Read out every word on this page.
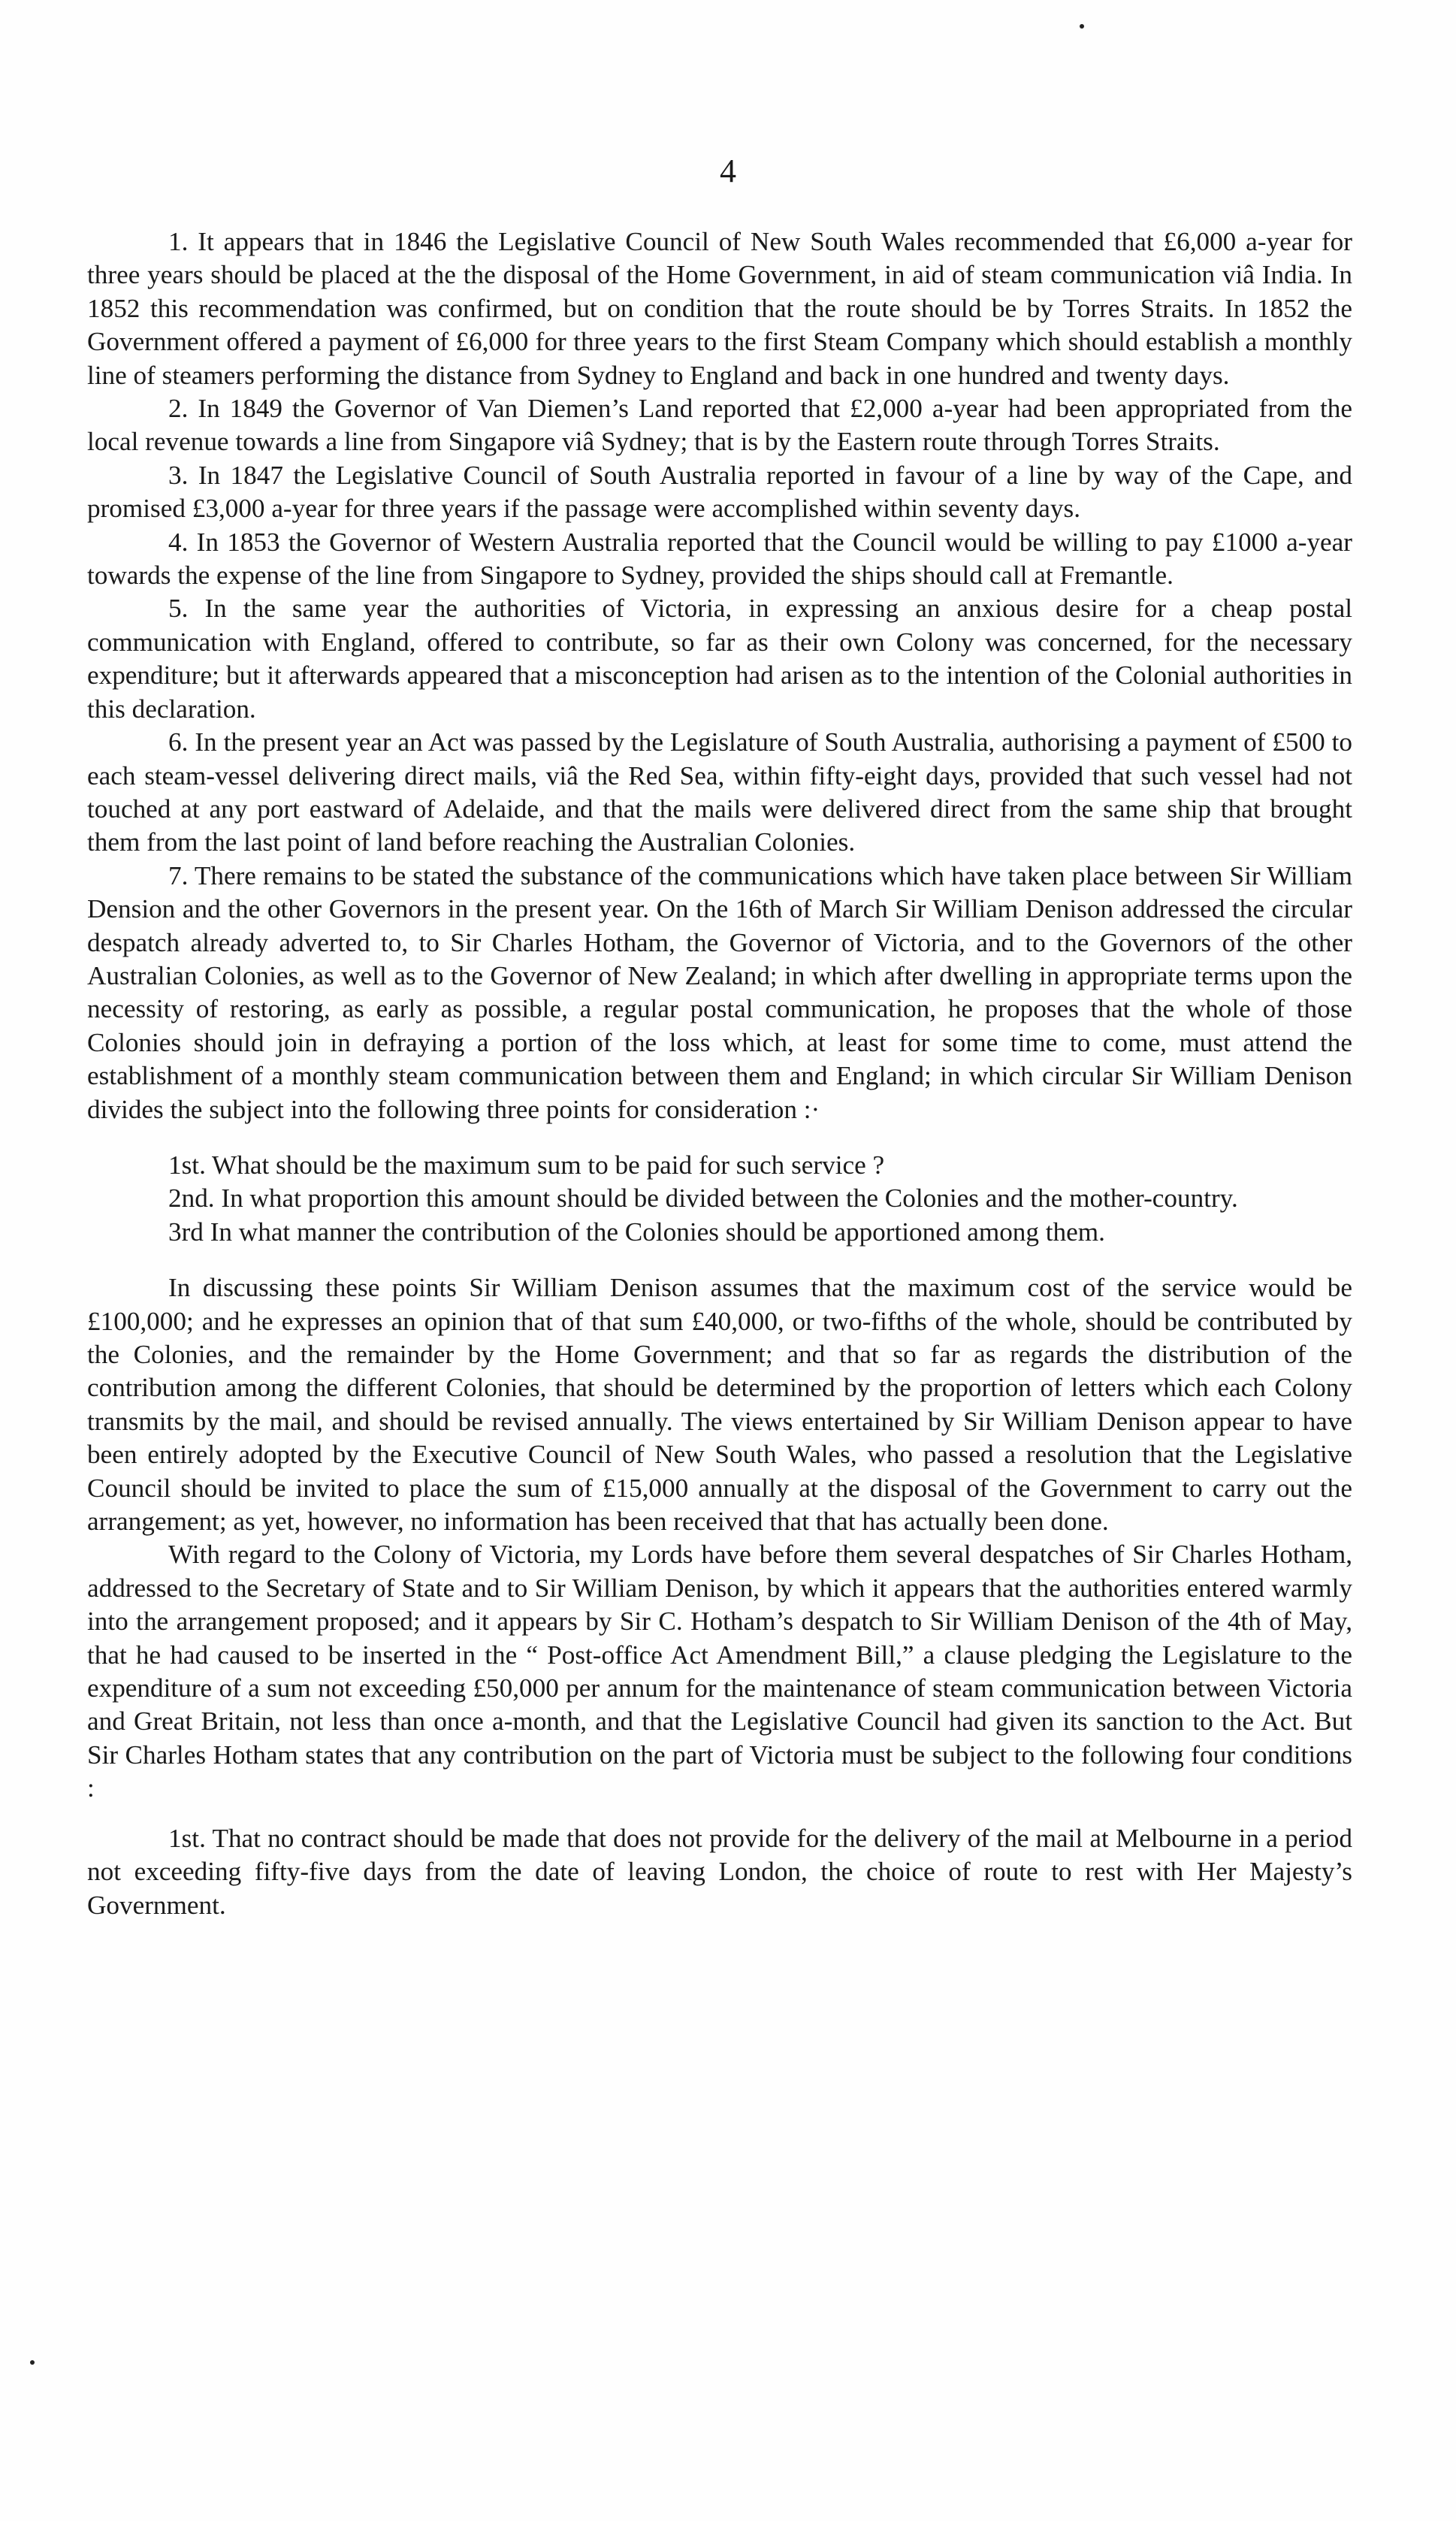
4

1. It appears that in 1846 the Legislative Council of New South Wales recommended that £6,000 a-year for three years should be placed at the the disposal of the Home Government, in aid of steam communication viâ India. In 1852 this recommendation was confirmed, but on condition that the route should be by Torres Straits. In 1852 the Government offered a payment of £6,000 for three years to the first Steam Company which should establish a monthly line of steamers performing the distance from Sydney to England and back in one hundred and twenty days.

2. In 1849 the Governor of Van Diemen’s Land reported that £2,000 a-year had been appropriated from the local revenue towards a line from Singapore viâ Sydney; that is by the Eastern route through Torres Straits.

3. In 1847 the Legislative Council of South Australia reported in favour of a line by way of the Cape, and promised £3,000 a-year for three years if the passage were accomplished within seventy days.

4. In 1853 the Governor of Western Australia reported that the Council would be willing to pay £1000 a-year towards the expense of the line from Singapore to Sydney, provided the ships should call at Fremantle.

5. In the same year the authorities of Victoria, in expressing an anxious desire for a cheap postal communication with England, offered to contribute, so far as their own Colony was concerned, for the necessary expenditure; but it afterwards appeared that a misconception had arisen as to the intention of the Colonial authorities in this declaration.

6. In the present year an Act was passed by the Legislature of South Australia, authorising a payment of £500 to each steam-vessel delivering direct mails, viâ the Red Sea, within fifty-eight days, provided that such vessel had not touched at any port eastward of Adelaide, and that the mails were delivered direct from the same ship that brought them from the last point of land before reaching the Australian Colonies.

7. There remains to be stated the substance of the communications which have taken place between Sir William Dension and the other Governors in the present year. On the 16th of March Sir William Denison addressed the circular despatch already adverted to, to Sir Charles Hotham, the Governor of Victoria, and to the Governors of the other Australian Colonies, as well as to the Governor of New Zealand; in which after dwelling in appropriate terms upon the necessity of restoring, as early as possible, a regular postal communication, he proposes that the whole of those Colonies should join in defraying a portion of the loss which, at least for some time to come, must attend the establishment of a monthly steam communication between them and England; in which circular Sir William Denison divides the subject into the following three points for consideration :·

1st. What should be the maximum sum to be paid for such service ?

2nd. In what proportion this amount should be divided between the Colonies and the mother-country.

3rd In what manner the contribution of the Colonies should be apportioned among them.

In discussing these points Sir William Denison assumes that the maximum cost of the service would be £100,000; and he expresses an opinion that of that sum £40,000, or two-fifths of the whole, should be contributed by the Colonies, and the remainder by the Home Government; and that so far as regards the distribution of the contribution among the different Colonies, that should be determined by the proportion of letters which each Colony transmits by the mail, and should be revised annually. The views entertained by Sir William Denison appear to have been entirely adopted by the Executive Council of New South Wales, who passed a resolution that the Legislative Council should be invited to place the sum of £15,000 annually at the disposal of the Government to carry out the arrangement; as yet, however, no information has been received that that has actually been done.

With regard to the Colony of Victoria, my Lords have before them several despatches of Sir Charles Hotham, addressed to the Secretary of State and to Sir William Denison, by which it appears that the authorities entered warmly into the arrangement proposed; and it appears by Sir C. Hotham’s despatch to Sir William Denison of the 4th of May, that he had caused to be inserted in the “ Post-office Act Amendment Bill,” a clause pledging the Legislature to the expenditure of a sum not exceeding £50,000 per annum for the maintenance of steam communication between Victoria and Great Britain, not less than once a-month, and that the Legislative Council had given its sanction to the Act. But Sir Charles Hotham states that any contribution on the part of Victoria must be subject to the following four conditions :

1st. That no contract should be made that does not provide for the delivery of the mail at Melbourne in a period not exceeding fifty-five days from the date of leaving London, the choice of route to rest with Her Majesty’s Government.
